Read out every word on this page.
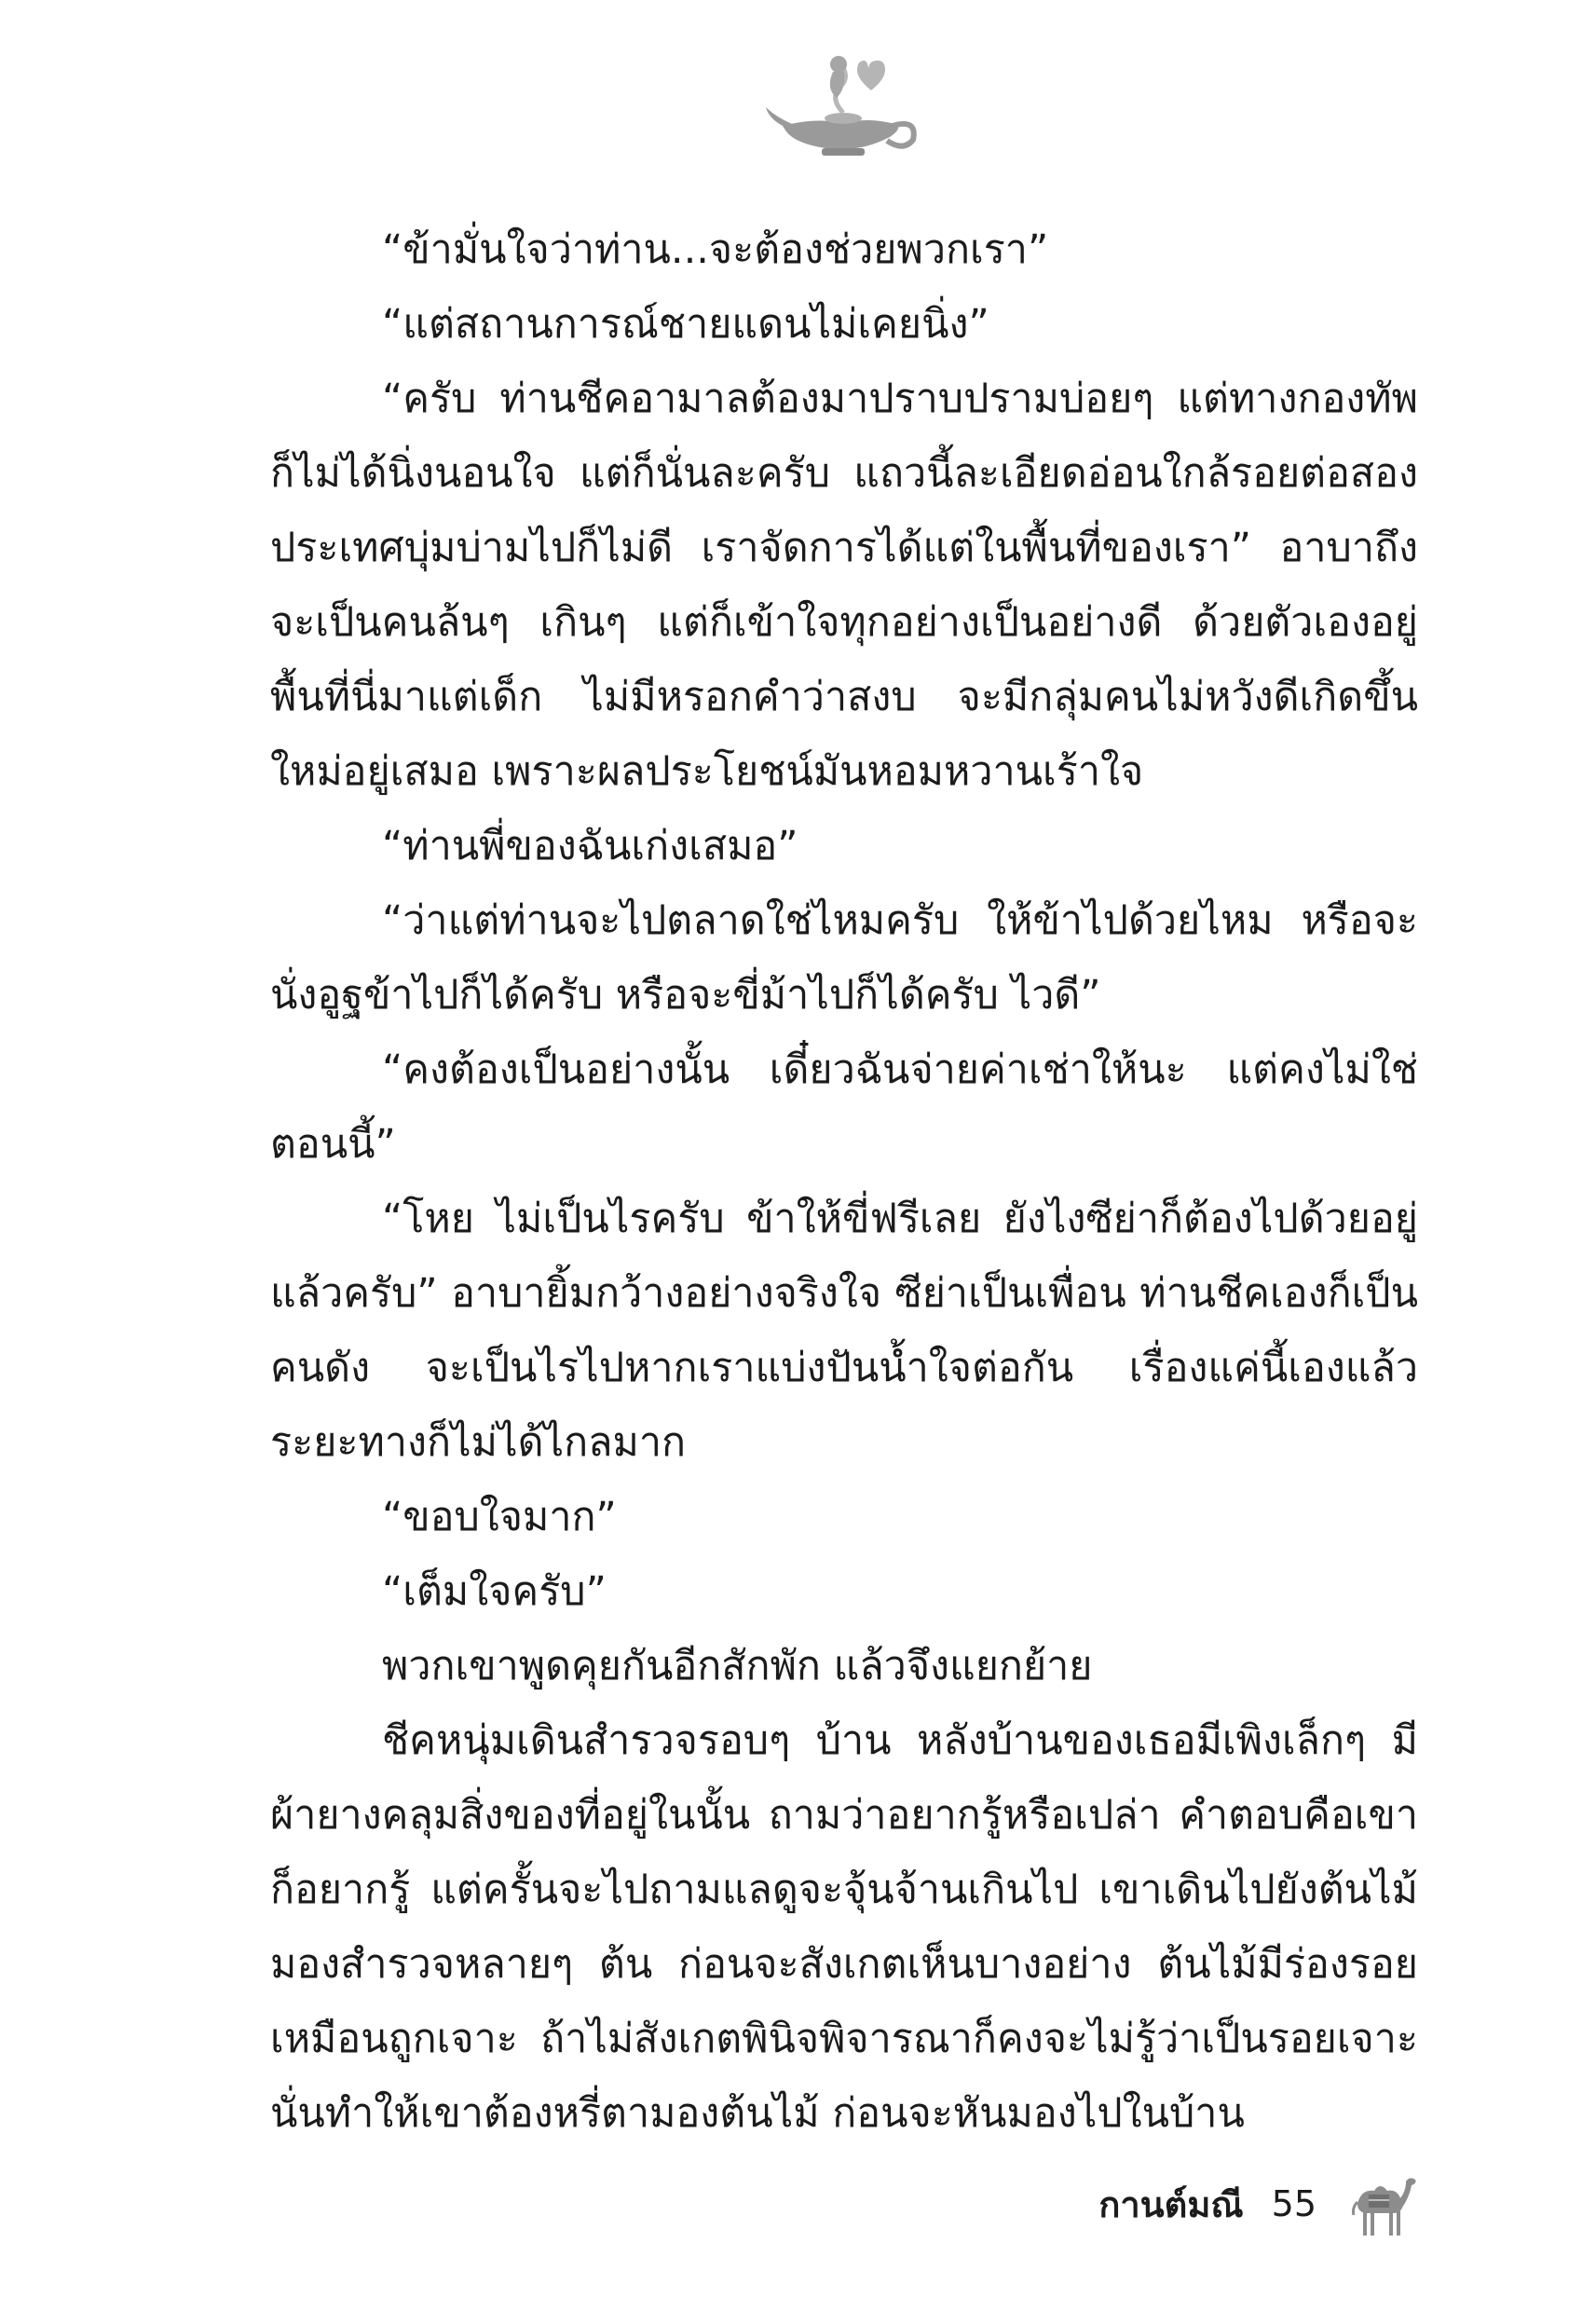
“ข้ามั่นใจว่าท่าน...จะต้องช่วยพวกเรา”

“แต่สถานการณ์ชายแดนไม่เคยนิ่ง”

“ครับ ท่านชีคอามาลต้องมาปราบปรามบ่อยๆ แต่ทางกองทัพก็ไม่ได้นิ่งนอนใจ แต่ก็นั่นละครับ แถวนี้ละเอียดอ่อนใกล้รอยต่อสองประเทศบุ่มบ่ามไปก็ไม่ดี เราจัดการได้แต่ในพื้นที่ของเรา” อาบาถึงจะเป็นคนล้นๆ เกินๆ แต่ก็เข้าใจทุกอย่างเป็นอย่างดี ด้วยตัวเองอยู่พื้นที่นี่มาแต่เด็ก ไม่มีหรอกคำว่าสงบ จะมีกลุ่มคนไม่หวังดีเกิดขึ้นใหม่อยู่เสมอ เพราะผลประโยชน์มันหอมหวานเร้าใจ

“ท่านพี่ของฉันเก่งเสมอ”

“ว่าแต่ท่านจะไปตลาดใช่ไหมครับ ให้ข้าไปด้วยไหม หรือจะนั่งอูฐข้าไปก็ได้ครับ หรือจะขี่ม้าไปก็ได้ครับ ไวดี”

“คงต้องเป็นอย่างนั้น เดี๋ยวฉันจ่ายค่าเช่าให้นะ แต่คงไม่ใช่ตอนนี้”

“โหย ไม่เป็นไรครับ ข้าให้ขี่ฟรีเลย ยังไงซีย่าก็ต้องไปด้วยอยู่แล้วครับ” อาบายิ้มกว้างอย่างจริงใจ ซีย่าเป็นเพื่อน ท่านชีคเองก็เป็นคนดัง จะเป็นไรไปหากเราแบ่งปันน้ำใจต่อกัน เรื่องแค่นี้เองแล้วระยะทางก็ไม่ได้ไกลมาก

“ขอบใจมาก”

“เต็มใจครับ”

พวกเขาพูดคุยกันอีกสักพัก แล้วจึงแยกย้าย

ชีคหนุ่มเดินสำรวจรอบๆ บ้าน หลังบ้านของเธอมีเพิงเล็กๆ มีผ้ายางคลุมสิ่งของที่อยู่ในนั้น ถามว่าอยากรู้หรือเปล่า คำตอบคือเขาก็อยากรู้ แต่ครั้นจะไปถามแลดูจะจุ้นจ้านเกินไป เขาเดินไปยังต้นไม้มองสำรวจหลายๆ ต้น ก่อนจะสังเกตเห็นบางอย่าง ต้นไม้มีร่องรอยเหมือนถูกเจาะ ถ้าไม่สังเกตพินิจพิจารณาก็คงจะไม่รู้ว่าเป็นรอยเจาะนั่นทำให้เขาต้องหรี่ตามองต้นไม้ ก่อนจะหันมองไปในบ้าน

กานต์มณี 55
